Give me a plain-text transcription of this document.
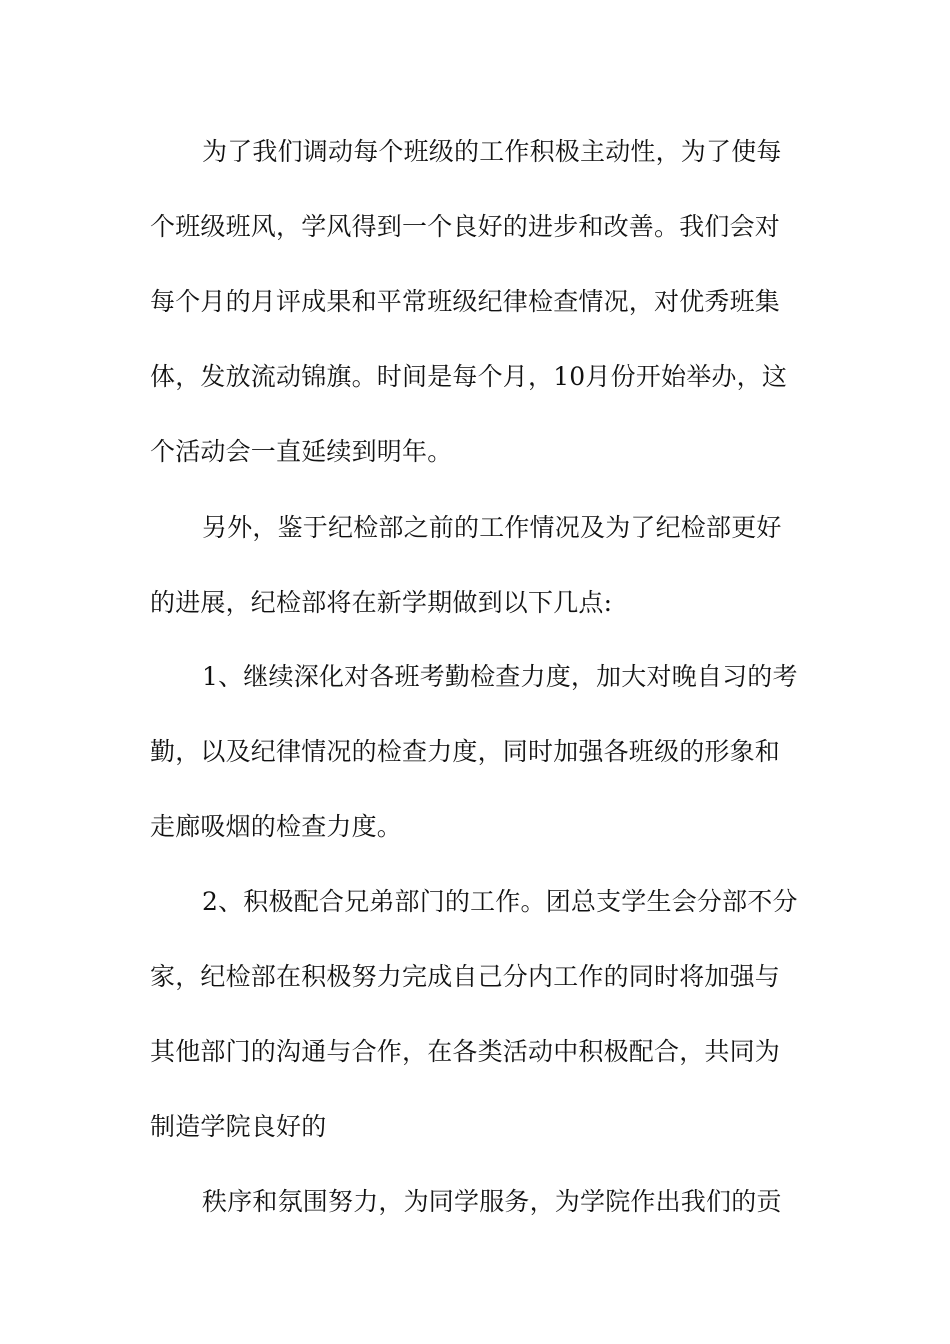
为了我们调动每个班级的工作积极主动性，为了使每
个班级班风，学风得到一个良好的进步和改善。我们会对
每个月的月评成果和平常班级纪律检查情况，对优秀班集
体，发放流动锦旗。时间是每个月，10月份开始举办，这
个活动会一直延续到明年。
另外，鉴于纪检部之前的工作情况及为了纪检部更好
的进展，纪检部将在新学期做到以下几点:
1、继续深化对各班考勤检查力度，加大对晚自习的考
勤，以及纪律情况的检查力度，同时加强各班级的形象和
走廊吸烟的检查力度。
2、积极配合兄弟部门的工作。团总支学生会分部不分
家，纪检部在积极努力完成自己分内工作的同时将加强与
其他部门的沟通与合作，在各类活动中积极配合，共同为
制造学院良好的
秩序和氛围努力，为同学服务，为学院作出我们的贡
